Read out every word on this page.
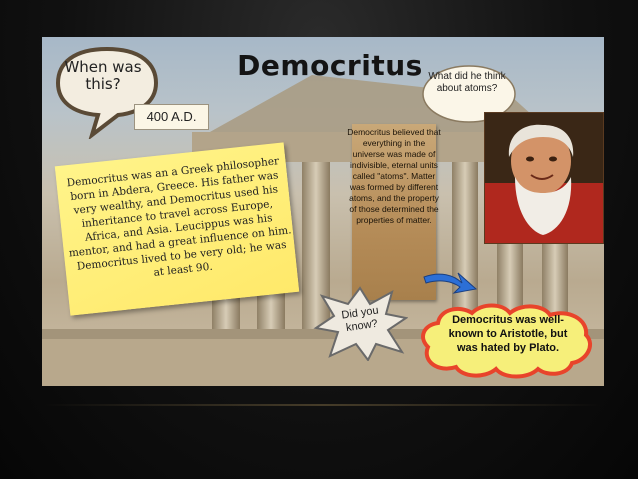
When was this?
Democritus
400 A.D.
Democritus was an a Greek philosopher born in Abdera, Greece. His father was very wealthy, and Democritus used his inheritance to travel across Europe, Africa, and Asia. Leucippus was his mentor, and had a great influence on him. Democritus lived to be very old; he was at least 90.
Democritus believed that everything in the universe was made of indivisible, eternal units called "atoms". Matter was formed by different atoms, and the property of those determined the properties of matter.
What did he think about atoms?
Did you know?	Democritus was well-known to Aristotle, but was hated by Plato.
